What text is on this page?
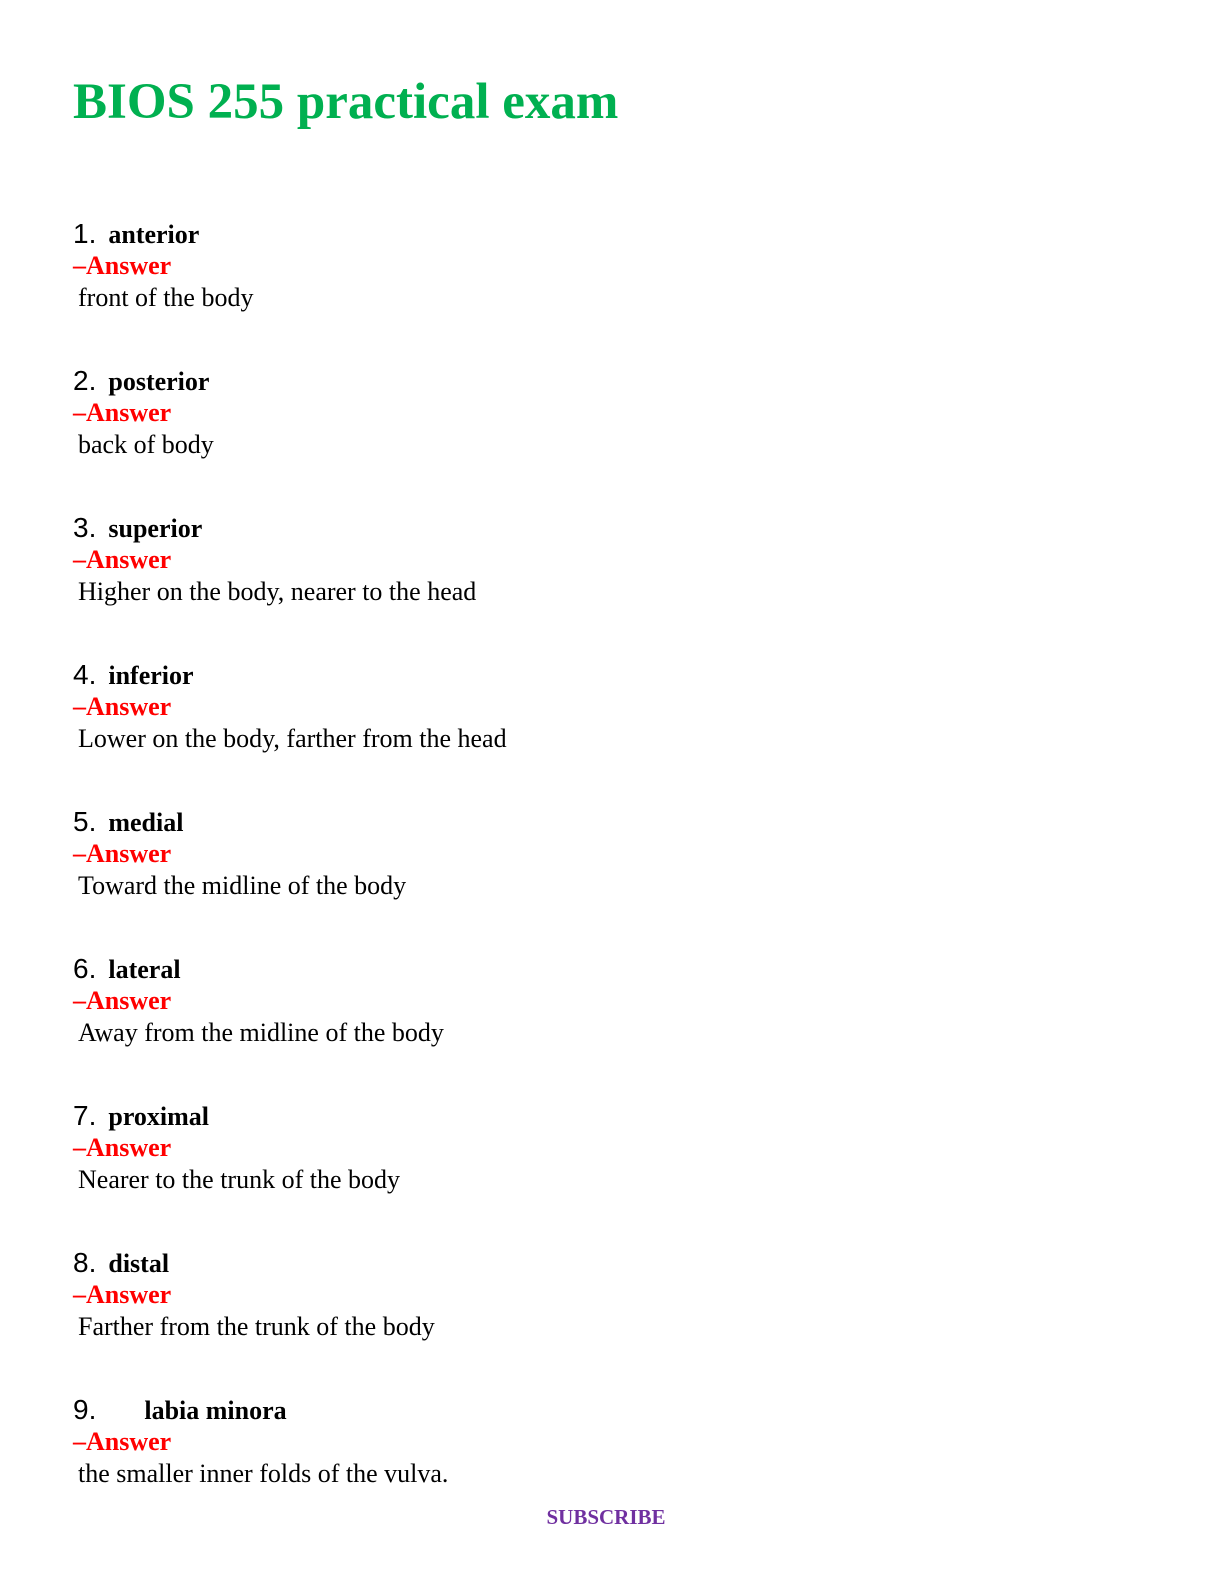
BIOS 255 practical exam
1. anterior
–Answer
front of the body
2. posterior
–Answer
back of body
3. superior
–Answer
Higher on the body, nearer to the head
4. inferior
–Answer
Lower on the body, farther from the head
5. medial
–Answer
Toward the midline of the body
6. lateral
–Answer
Away from the midline of the body
7. proximal
–Answer
Nearer to the trunk of the body
8. distal
–Answer
Farther from the trunk of the body
9. labia minora
–Answer
the smaller inner folds of the vulva.
SUBSCRIBE
